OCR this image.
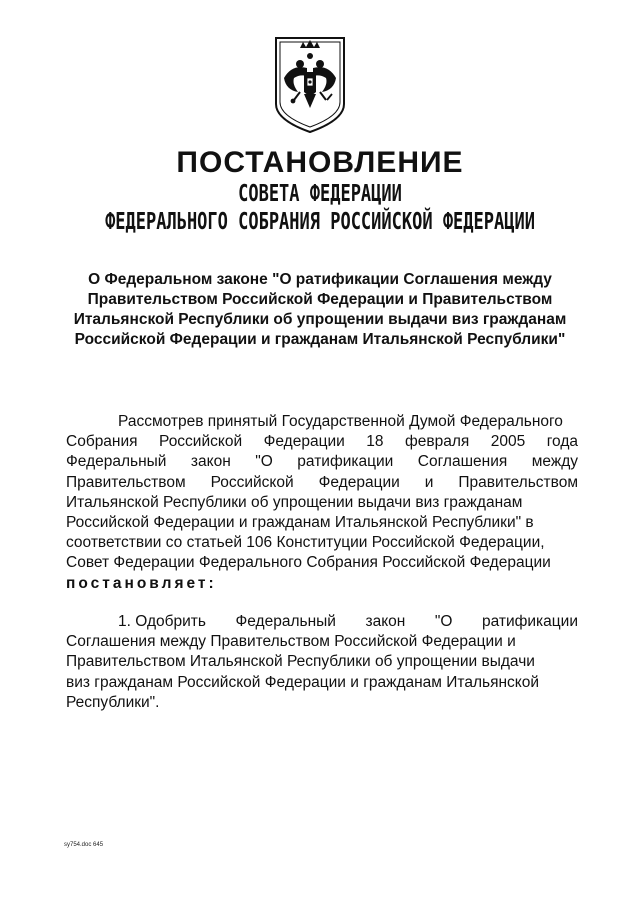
ПОСТАНОВЛЕНИЕ
СОВЕТА ФЕДЕРАЦИИ
ФЕДЕРАЛЬНОГО СОБРАНИЯ РОССИЙСКОЙ ФЕДЕРАЦИИ
О Федеральном законе "О ратификации Соглашения между
Правительством Российской Федерации и Правительством
Итальянской Республики об упрощении выдачи виз гражданам
Российской Федерации и гражданам Итальянской Республики"
Рассмотрев принятый Государственной Думой Федерального
Собрания Российской Федерации 18 февраля 2005 года
Федеральный закон "О ратификации Соглашения между
Правительством Российской Федерации и Правительством
Итальянской Республики об упрощении выдачи виз гражданам
Российской Федерации и гражданам Итальянской Республики" в
соответствии со статьей 106 Конституции Российской Федерации,
Совет Федерации Федерального Собрания Российской Федерации
постановляет:
1. Одобрить Федеральный закон "О ратификации
Соглашения между Правительством Российской Федерации и
Правительством Итальянской Республики об упрощении выдачи
виз гражданам Российской Федерации и гражданам Итальянской
Республики".
sy754.doc 645
